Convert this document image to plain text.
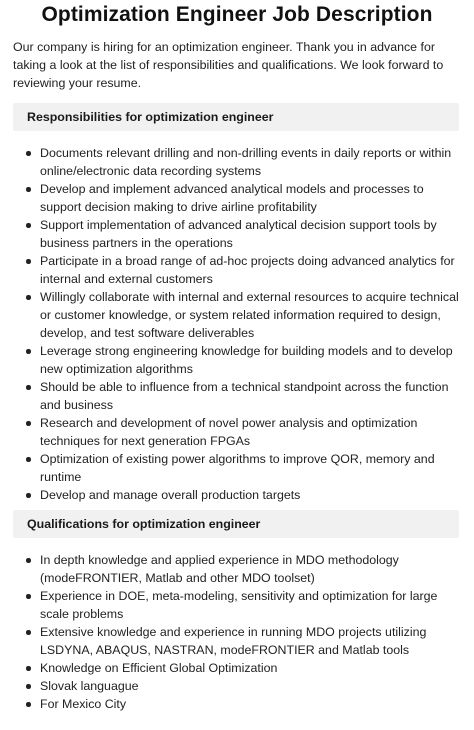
Optimization Engineer Job Description
Our company is hiring for an optimization engineer. Thank you in advance for taking a look at the list of responsibilities and qualifications. We look forward to reviewing your resume.
Responsibilities for optimization engineer
Documents relevant drilling and non-drilling events in daily reports or within online/electronic data recording systems
Develop and implement advanced analytical models and processes to support decision making to drive airline profitability
Support implementation of advanced analytical decision support tools by business partners in the operations
Participate in a broad range of ad-hoc projects doing advanced analytics for internal and external customers
Willingly collaborate with internal and external resources to acquire technical or customer knowledge, or system related information required to design, develop, and test software deliverables
Leverage strong engineering knowledge for building models and to develop new optimization algorithms
Should be able to influence from a technical standpoint across the function and business
Research and development of novel power analysis and optimization techniques for next generation FPGAs
Optimization of existing power algorithms to improve QOR, memory and runtime
Develop and manage overall production targets
Qualifications for optimization engineer
In depth knowledge and applied experience in MDO methodology (modeFRONTIER, Matlab and other MDO toolset)
Experience in DOE, meta-modeling, sensitivity and optimization for large scale problems
Extensive knowledge and experience in running MDO projects utilizing LSDYNA, ABAQUS, NASTRAN, modeFRONTIER and Matlab tools
Knowledge on Efficient Global Optimization
Slovak languague
For Mexico City
